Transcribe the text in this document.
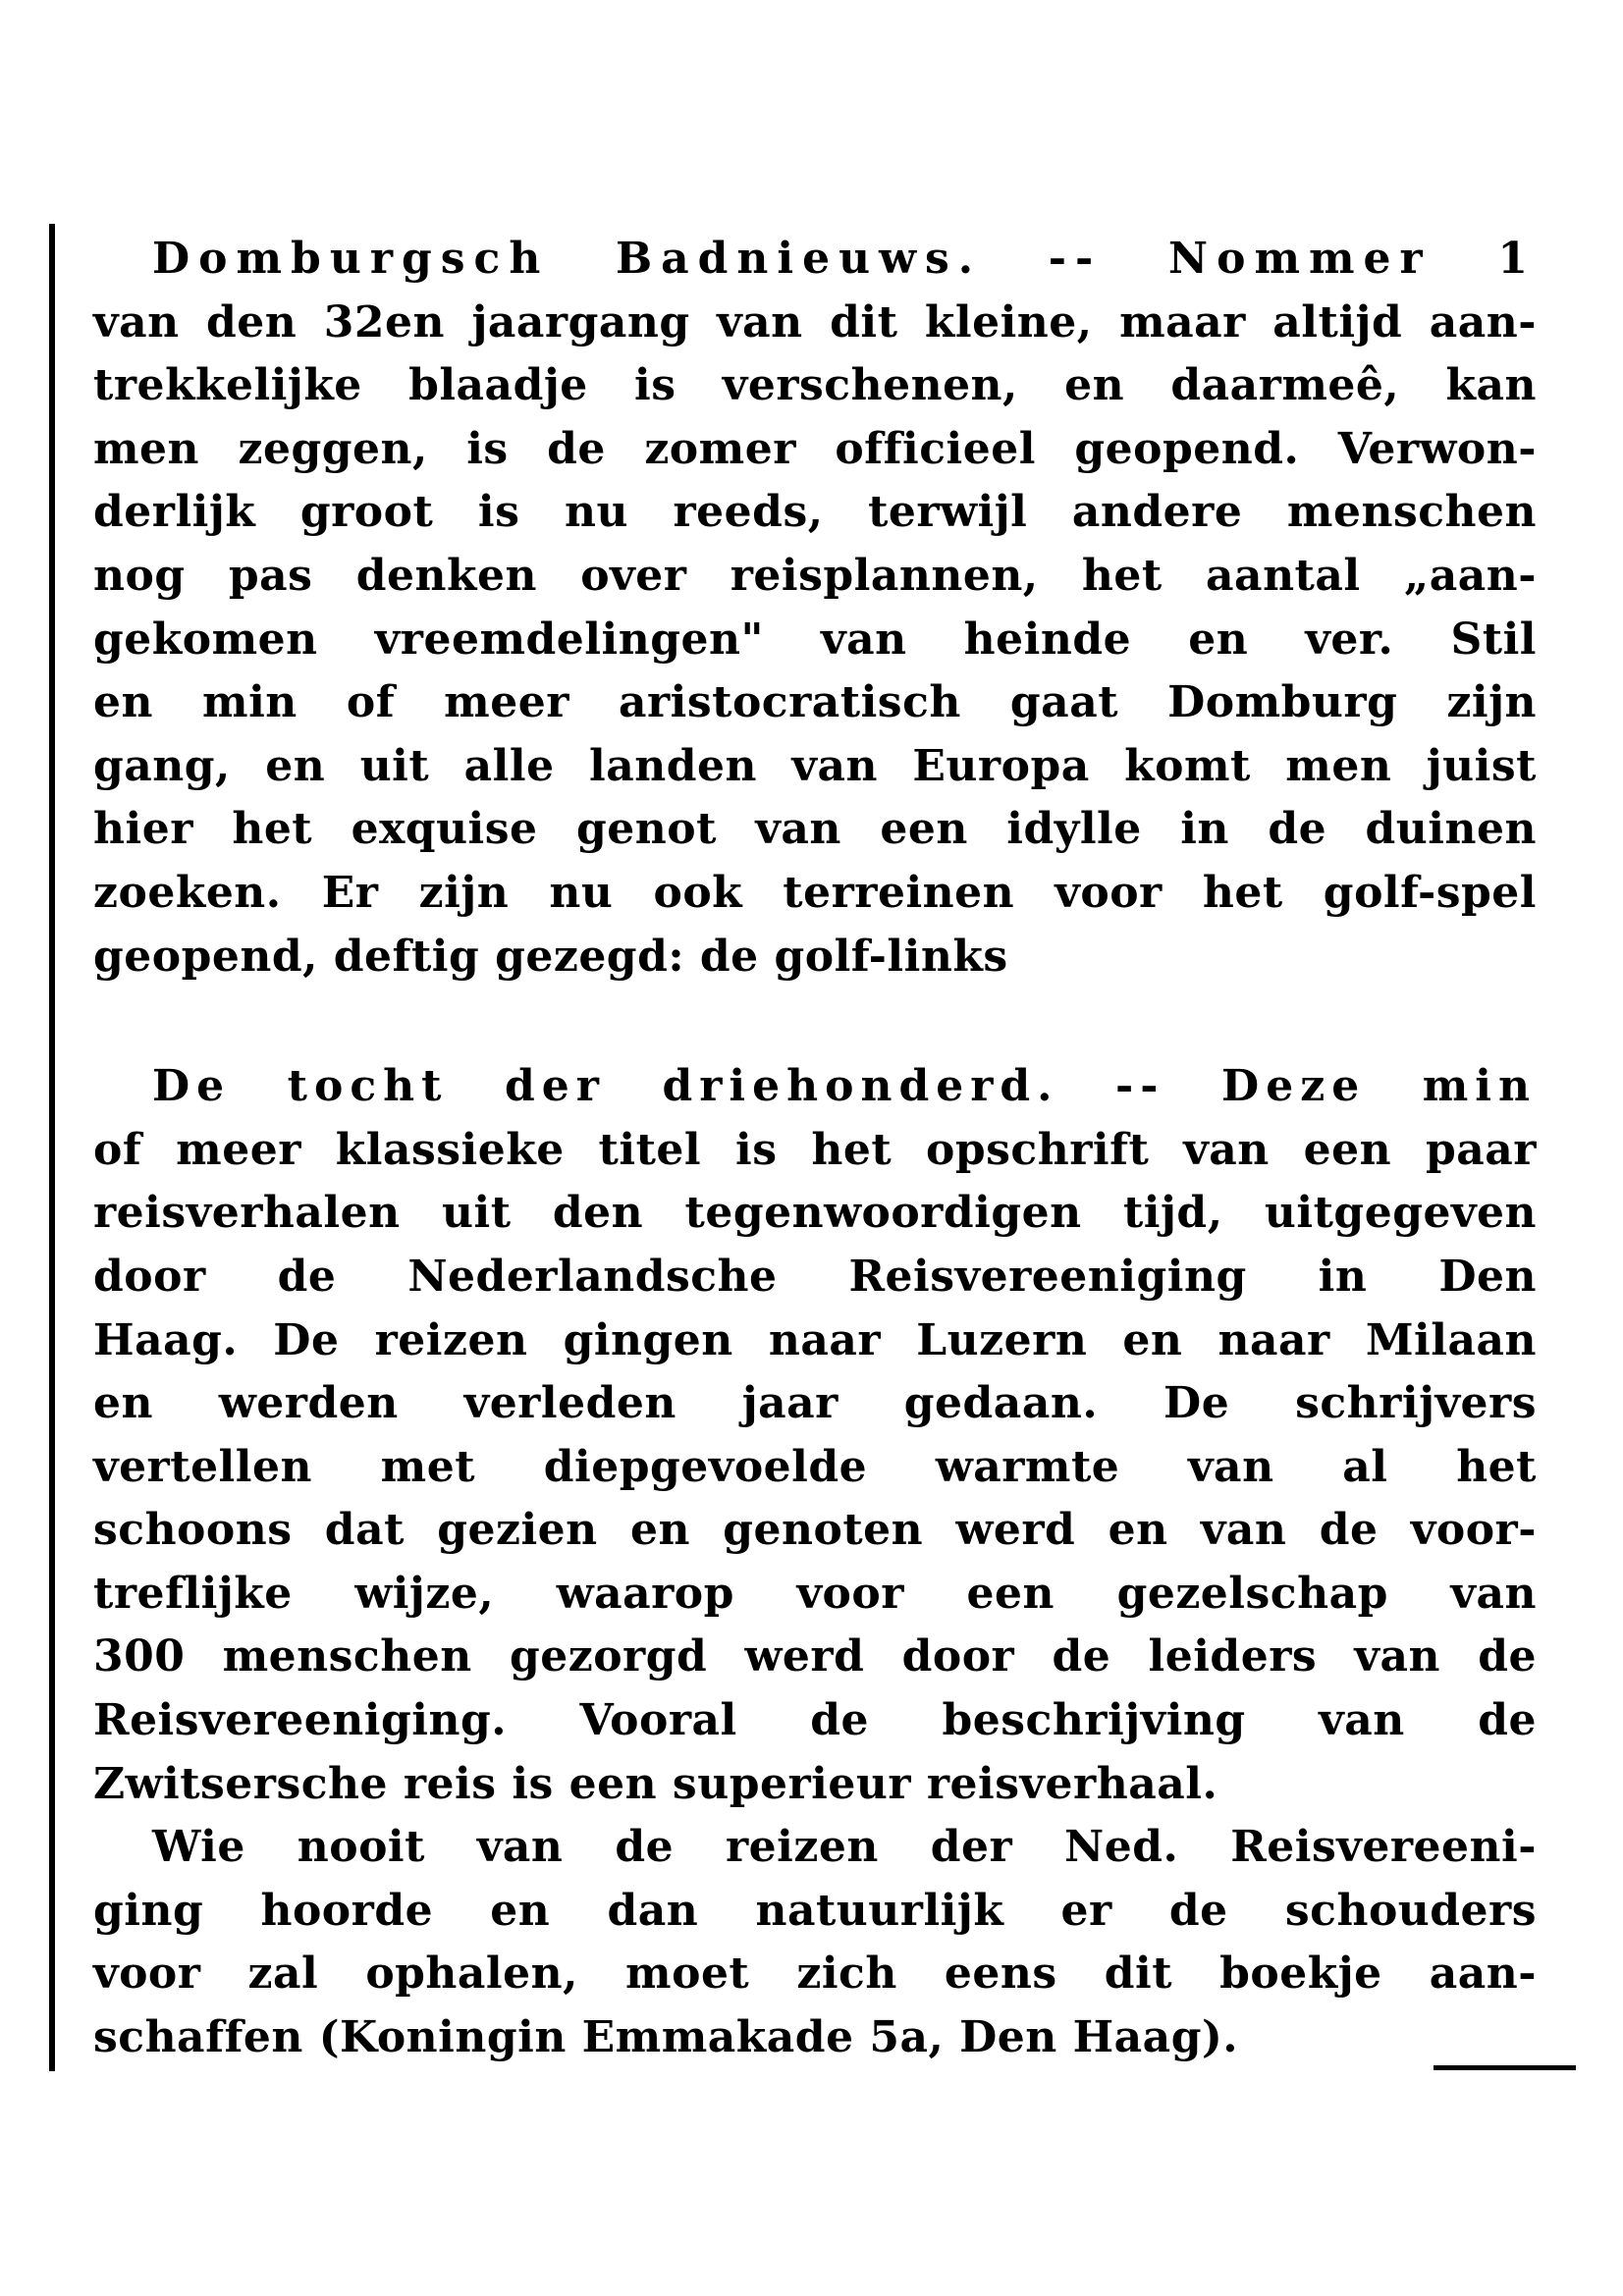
Domburgsch Badnieuws. -- Nommer 1
van den 32en jaargang van dit kleine, maar altijd aan-
trekkelijke blaadje is verschenen, en daarmeê, kan
men zeggen, is de zomer officieel geopend. Verwon-
derlijk groot is nu reeds, terwijl andere menschen
nog pas denken over reisplannen, het aantal „aan-
gekomen vreemdelingen" van heinde en ver. Stil
en min of meer aristocratisch gaat Domburg zijn
gang, en uit alle landen van Europa komt men juist
hier het exquise genot van een idylle in de duinen
zoeken. Er zijn nu ook terreinen voor het golf-spel
geopend, deftig gezegd: de golf-links
De tocht der driehonderd. -- Deze min
of meer klassieke titel is het opschrift van een paar
reisverhalen uit den tegenwoordigen tijd, uitgegeven
door de Nederlandsche Reisvereeniging in Den
Haag. De reizen gingen naar Luzern en naar Milaan
en werden verleden jaar gedaan. De schrijvers
vertellen met diepgevoelde warmte van al het
schoons dat gezien en genoten werd en van de voor-
treflijke wijze, waarop voor een gezelschap van
300 menschen gezorgd werd door de leiders van de
Reisvereeniging. Vooral de beschrijving van de
Zwitsersche reis is een superieur reisverhaal.
Wie nooit van de reizen der Ned. Reisvereeni-
ging hoorde en dan natuurlijk er de schouders
voor zal ophalen, moet zich eens dit boekje aan-
schaffen (Koningin Emmakade 5a, Den Haag).
